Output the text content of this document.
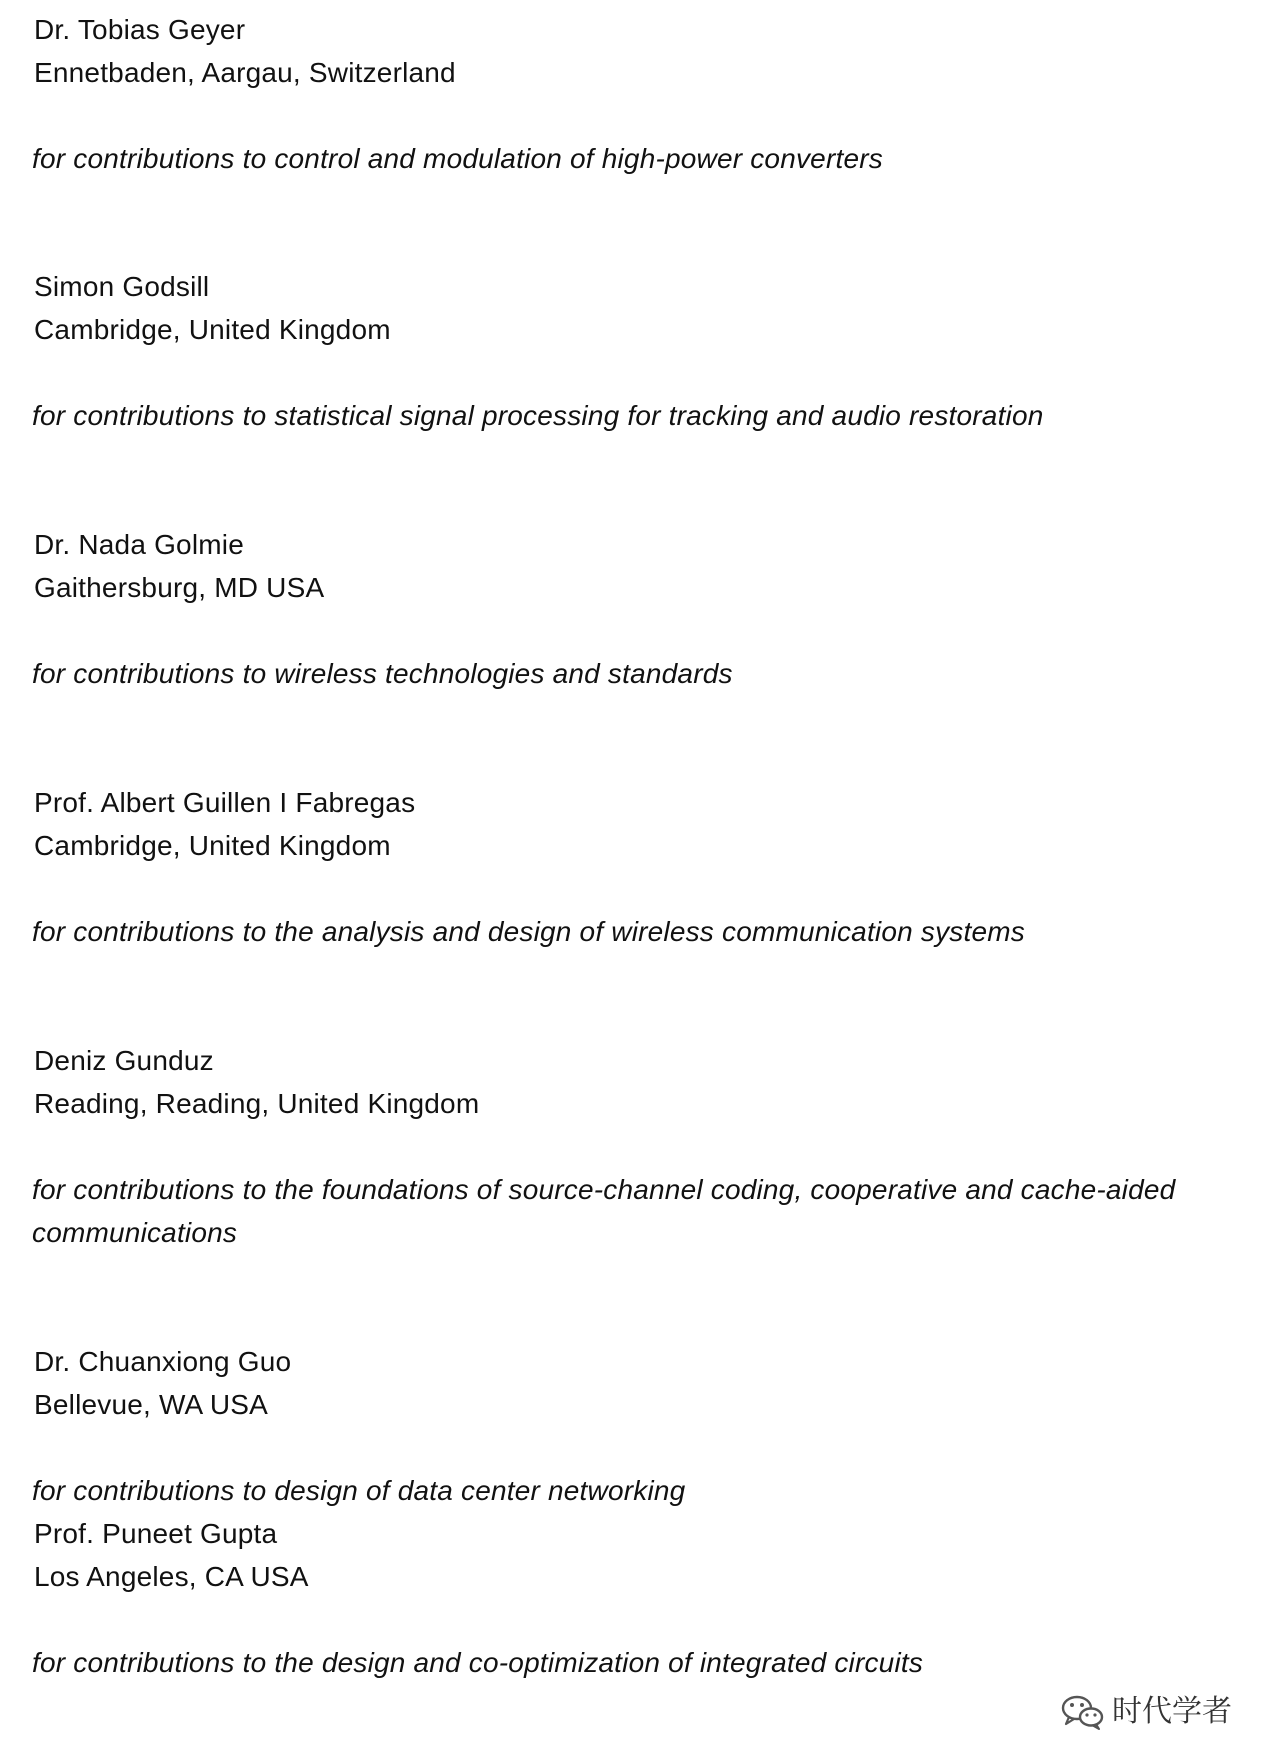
Dr. Tobias Geyer
Ennetbaden, Aargau, Switzerland
for contributions to control and modulation of high-power converters
Simon Godsill
Cambridge, United Kingdom
for contributions to statistical signal processing for tracking and audio restoration
Dr. Nada Golmie
Gaithersburg, MD USA
for contributions to wireless technologies and standards
Prof. Albert Guillen I Fabregas
Cambridge, United Kingdom
for contributions to the analysis and design of wireless communication systems
Deniz Gunduz
Reading, Reading, United Kingdom
for contributions to the foundations of source-channel coding, cooperative and cache-aided communications
Dr. Chuanxiong Guo
Bellevue, WA USA
for contributions to design of data center networking
Prof. Puneet Gupta
Los Angeles, CA USA
for contributions to the design and co-optimization of integrated circuits
时代学者
